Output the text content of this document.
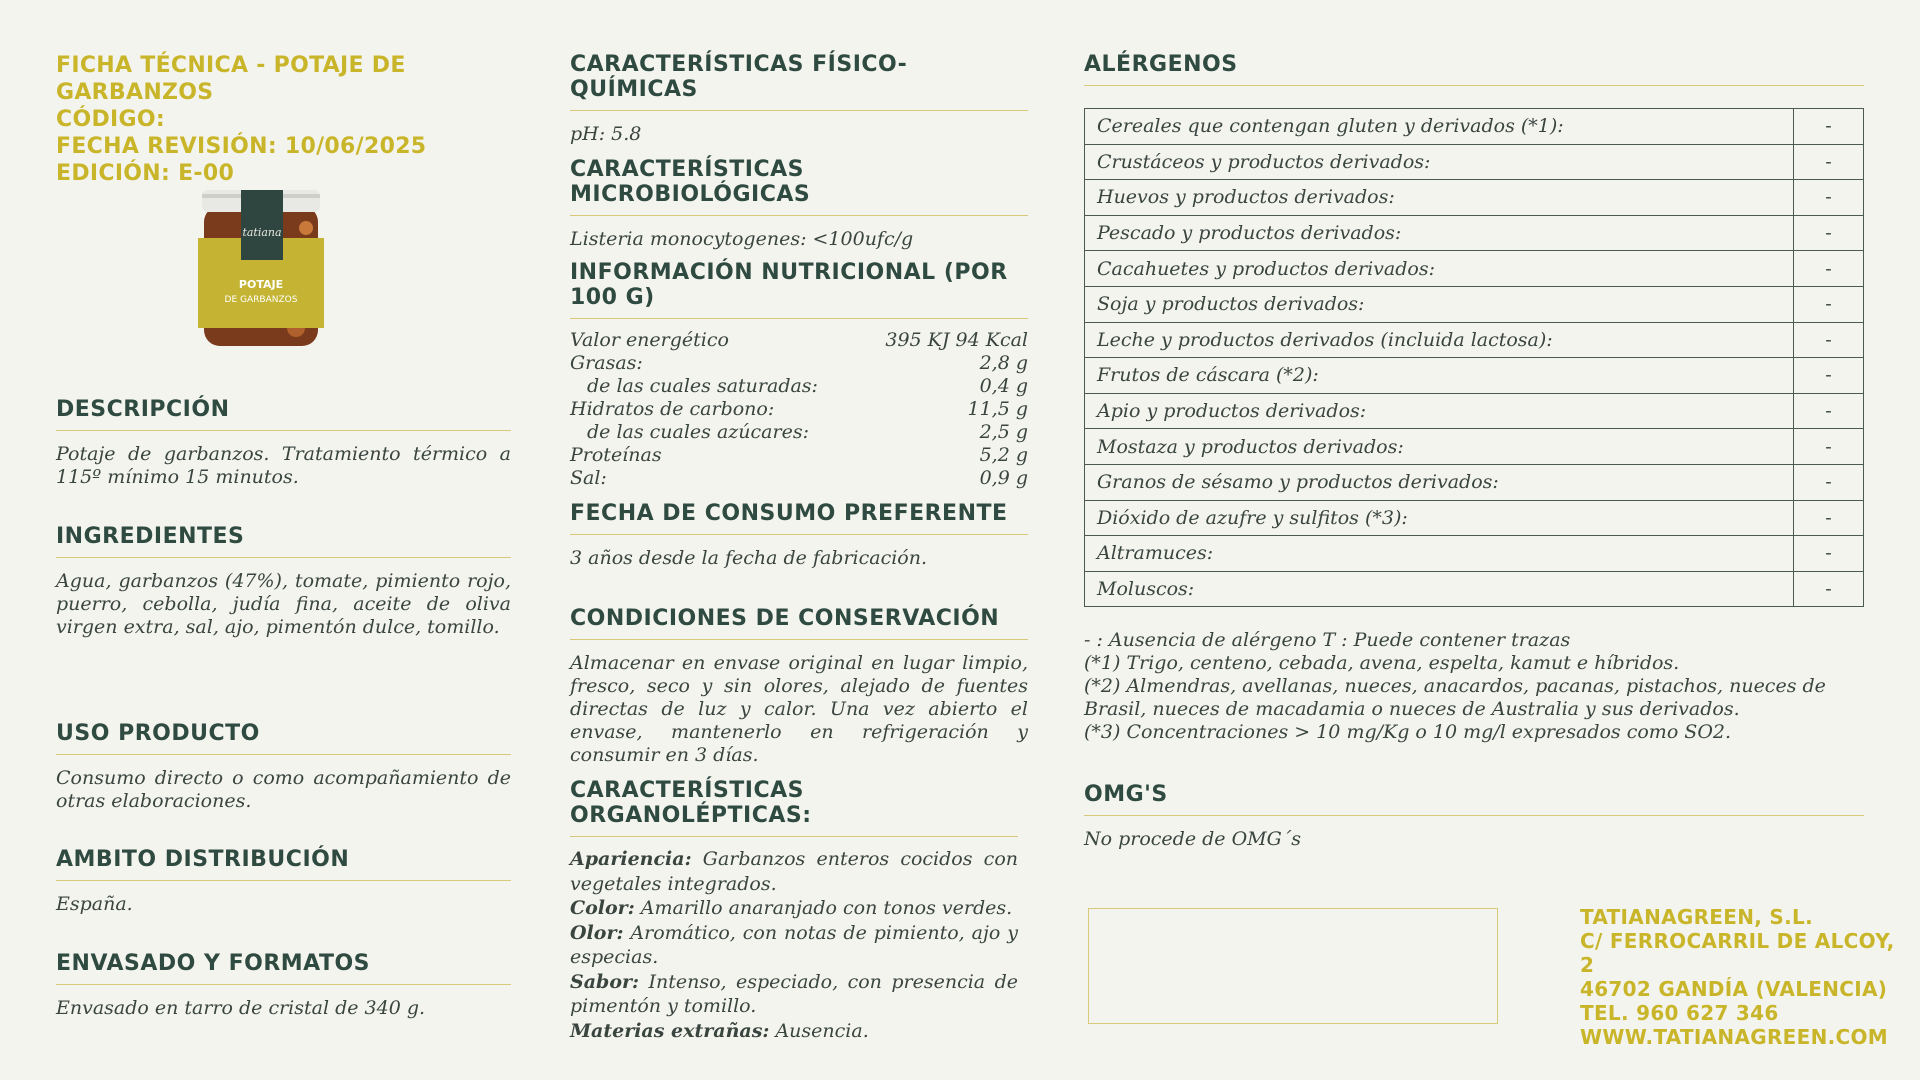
FICHA TÉCNICA - POTAJE DE GARBANZOS
CÓDIGO:
FECHA REVISIÓN: 10/06/2025
EDICIÓN: E-00
tatiana
POTAJE
DE GARBANZOS
DESCRIPCIÓN
Potaje de garbanzos. Tratamiento térmico a 115º mínimo 15 minutos.
INGREDIENTES
Agua, garbanzos (47%), tomate, pimiento rojo, puerro, cebolla, judía fina, aceite de oliva virgen extra, sal, ajo, pimentón dulce, tomillo.
USO PRODUCTO
Consumo directo o como acompañamiento de otras elaboraciones.
AMBITO DISTRIBUCIÓN
España.
ENVASADO Y FORMATOS
Envasado en tarro de cristal de 340 g.
CARACTERÍSTICAS FÍSICO-QUÍMICAS
pH: 5.8
CARACTERÍSTICAS MICROBIOLÓGICAS
Listeria monocytogenes: <100ufc/g
INFORMACIÓN NUTRICIONAL (POR 100 G)
Valor energético	395 KJ 94 Kcal
Grasas:	2,8 g
de las cuales saturadas:	0,4 g
Hidratos de carbono:	11,5 g
de las cuales azúcares:	2,5 g
Proteínas	5,2 g
Sal:	0,9 g
FECHA DE CONSUMO PREFERENTE
3 años desde la fecha de fabricación.
CONDICIONES DE CONSERVACIÓN
Almacenar en envase original en lugar limpio, fresco, seco y sin olores, alejado de fuentes directas de luz y calor. Una vez abierto el envase, mantenerlo en refrigeración y consumir en 3 días.
CARACTERÍSTICAS ORGANOLÉPTICAS:
Apariencia: Garbanzos enteros cocidos con vegetales integrados.
Color: Amarillo anaranjado con tonos verdes.
Olor: Aromático, con notas de pimiento, ajo y especias.
Sabor: Intenso, especiado, con presencia de pimentón y tomillo.
Materias extrañas: Ausencia.
ALÉRGENOS
Cereales que contengan gluten y derivados (*1):	-
Crustáceos y productos derivados:	-
Huevos y productos derivados:	-
Pescado y productos derivados:	-
Cacahuetes y productos derivados:	-
Soja y productos derivados:	-
Leche y productos derivados (incluida lactosa):	-
Frutos de cáscara (*2):	-
Apio y productos derivados:	-
Mostaza y productos derivados:	-
Granos de sésamo y productos derivados:	-
Dióxido de azufre y sulfitos (*3):	-
Altramuces:	-
Moluscos:	-
- : Ausencia de alérgeno T : Puede contener trazas
(*1) Trigo, centeno, cebada, avena, espelta, kamut e híbridos.
(*2) Almendras, avellanas, nueces, anacardos, pacanas, pistachos, nueces de Brasil, nueces de macadamia o nueces de Australia y sus derivados.
(*3) Concentraciones > 10 mg/Kg o 10 mg/l expresados como SO2.
OMG'S
No procede de OMG´s
TATIANAGREEN, S.L.
C/ FERROCARRIL DE ALCOY, 2
46702 GANDÍA (VALENCIA)
TEL. 960 627 346
WWW.TATIANAGREEN.COM
